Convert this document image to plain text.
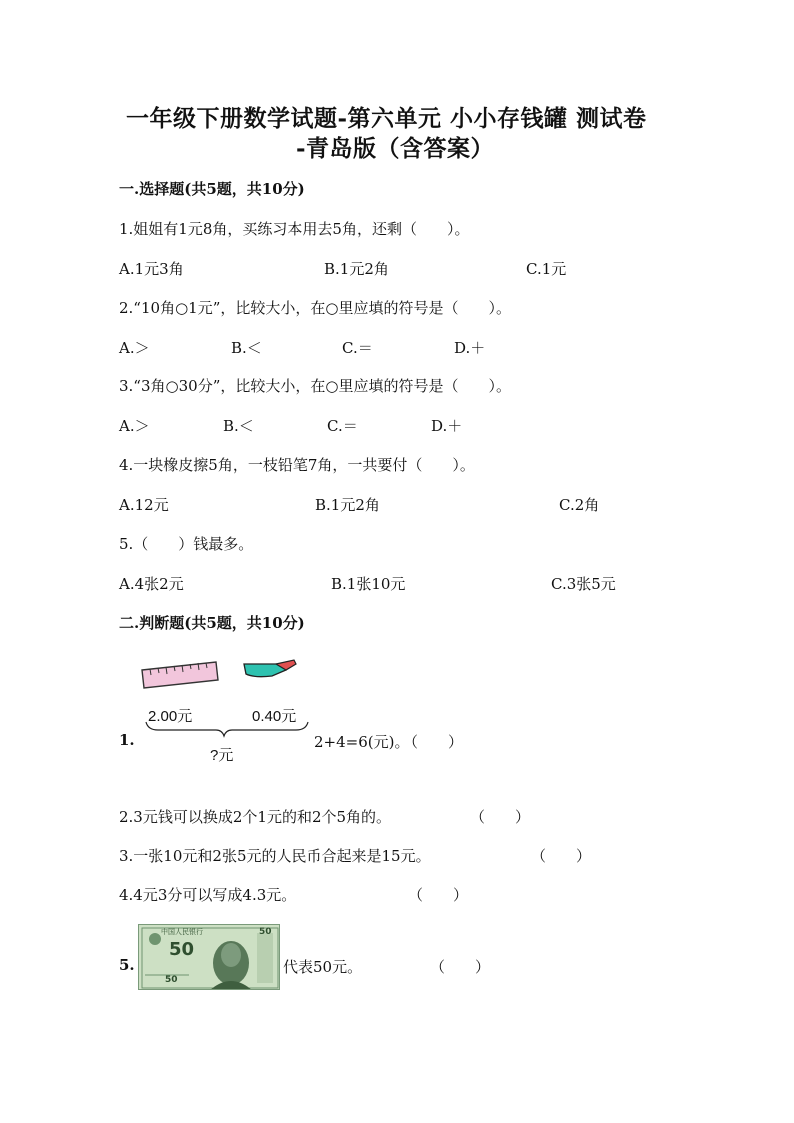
一年级下册数学试题-第六单元 小小存钱罐 测试卷
-青岛版（含答案）
一.选择题(共5题，共10分)
1.姐姐有1元8角，买练习本用去5角，还剩（　　）。
A.1元3角	B.1元2角	C.1元
2.“10角○1元”，比较大小，在○里应填的符号是（　　）。
A.＞	B.＜	C.＝	D.＋
3.“3角○30分”，比较大小，在○里应填的符号是（　　）。
A.＞	B.＜	C.＝	D.＋
4.一块橡皮擦5角，一枝铅笔7角，一共要付（　　）。
A.12元	B.1元2角	C.2角
5.（　　）钱最多。
A.4张2元	B.1张10元	C.3张5元
二.判断题(共5题，共10分)
1.
2.00元	0.40元
?元
2+4=6(元)。
（　　）
2.3元钱可以换成2个1元的和2个5角的。	（　　）
3.一张10元和2张5元的人民币合起来是15元。	（　　）
4.4元3分可以写成4.3元。	（　　）
5.
中国人民银行
50
50
50
代表50元。	（　　）
